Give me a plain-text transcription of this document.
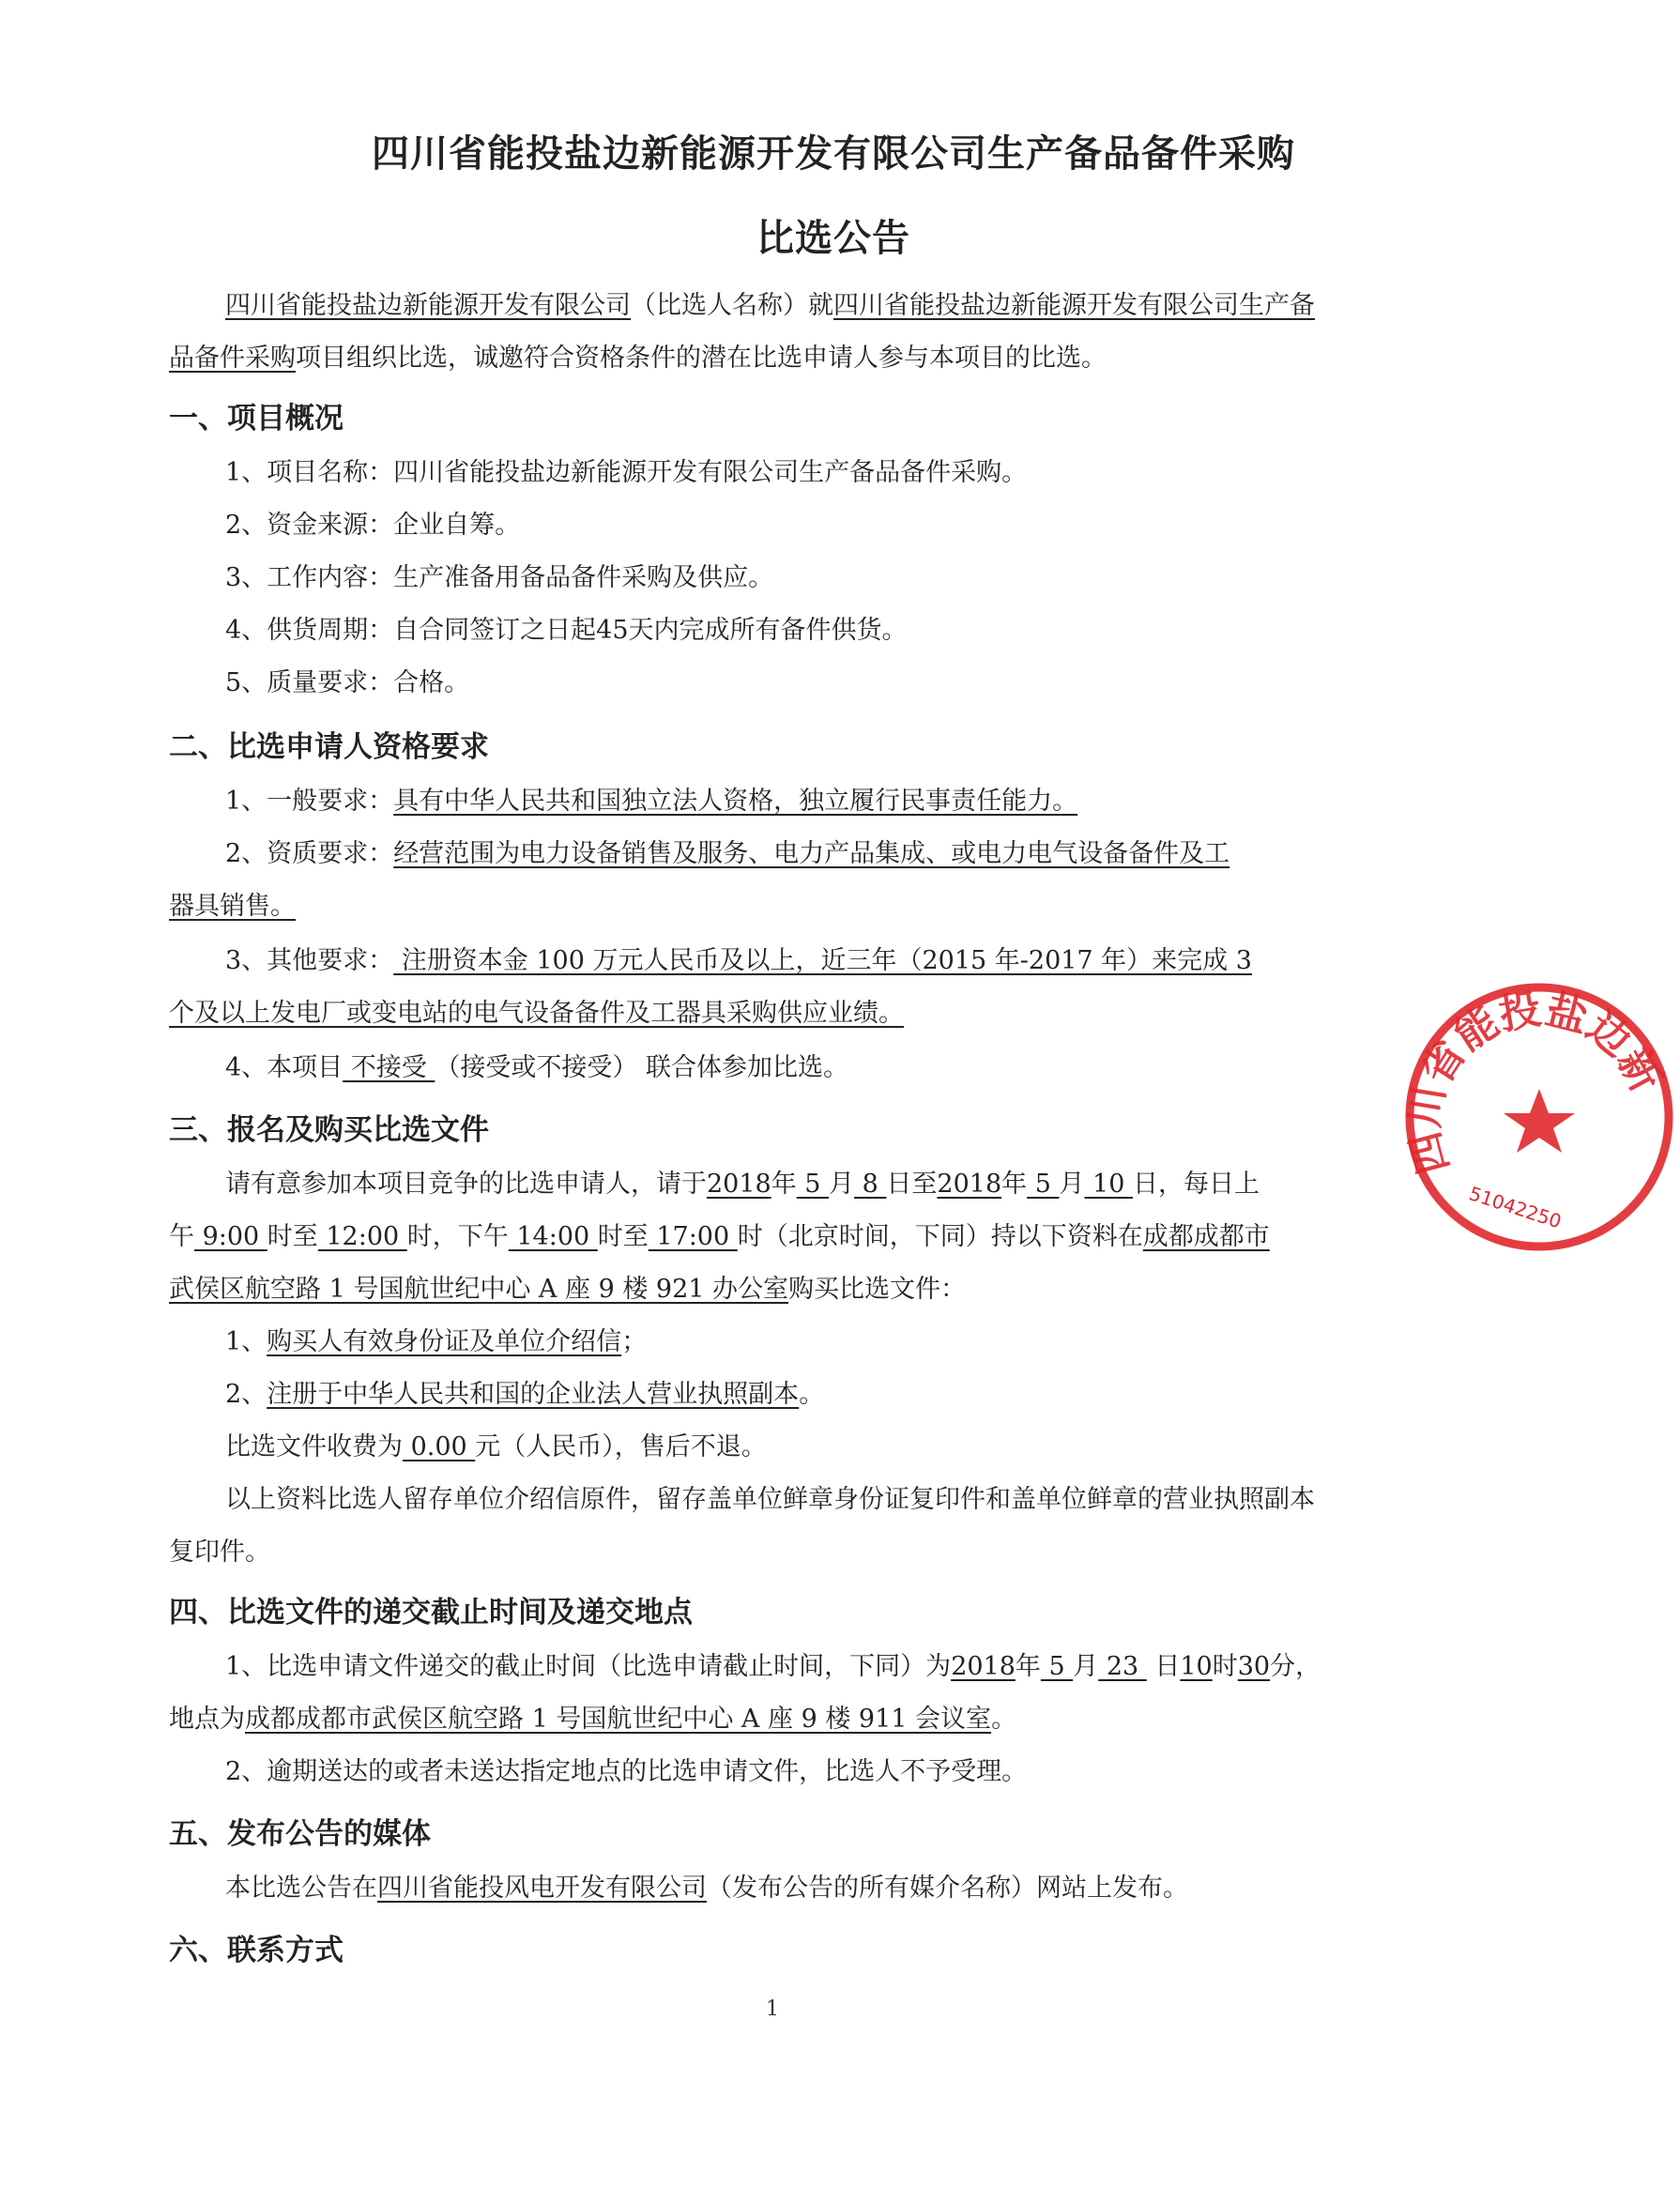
四川省能投盐边新能源开发有限公司生产备品备件采购
比选公告
四川省能投盐边新能源开发有限公司（比选人名称）就四川省能投盐边新能源开发有限公司生产备
品备件采购项目组织比选，诚邀符合资格条件的潜在比选申请人参与本项目的比选。
一、项目概况
1、项目名称：四川省能投盐边新能源开发有限公司生产备品备件采购。
2、资金来源：企业自筹。
3、工作内容：生产准备用备品备件采购及供应。
4、供货周期：自合同签订之日起45天内完成所有备件供货。
5、质量要求：合格。
二、比选申请人资格要求
1、一般要求：具有中华人民共和国独立法人资格，独立履行民事责任能力。
2、资质要求：经营范围为电力设备销售及服务、电力产品集成、或电力电气设备备件及工
器具销售。
3、其他要求： 注册资本金 100 万元人民币及以上，近三年（2015 年-2017 年）来完成 3
个及以上发电厂或变电站的电气设备备件及工器具采购供应业绩。
4、本项目 不接受 （接受或不接受） 联合体参加比选。
三、报名及购买比选文件
请有意参加本项目竞争的比选申请人，请于2018年 5 月 8 日至2018年 5 月 10 日，每日上
午 9:00 时至 12:00 时，下午 14:00 时至 17:00 时（北京时间，下同）持以下资料在成都成都市
武侯区航空路 1 号国航世纪中心 A 座 9 楼 921 办公室购买比选文件：
1、购买人有效身份证及单位介绍信；
2、注册于中华人民共和国的企业法人营业执照副本。
比选文件收费为 0.00 元（人民币），售后不退。
以上资料比选人留存单位介绍信原件，留存盖单位鲜章身份证复印件和盖单位鲜章的营业执照副本
复印件。
四、比选文件的递交截止时间及递交地点
1、比选申请文件递交的截止时间（比选申请截止时间，下同）为2018年 5 月 23  日10时30分，
地点为成都成都市武侯区航空路 1 号国航世纪中心 A 座 9 楼 911 会议室。
2、逾期送达的或者未送达指定地点的比选申请文件，比选人不予受理。
五、发布公告的媒体
本比选公告在四川省能投风电开发有限公司（发布公告的所有媒介名称）网站上发布。
六、联系方式
1
四川省能投盐边新
51042250
